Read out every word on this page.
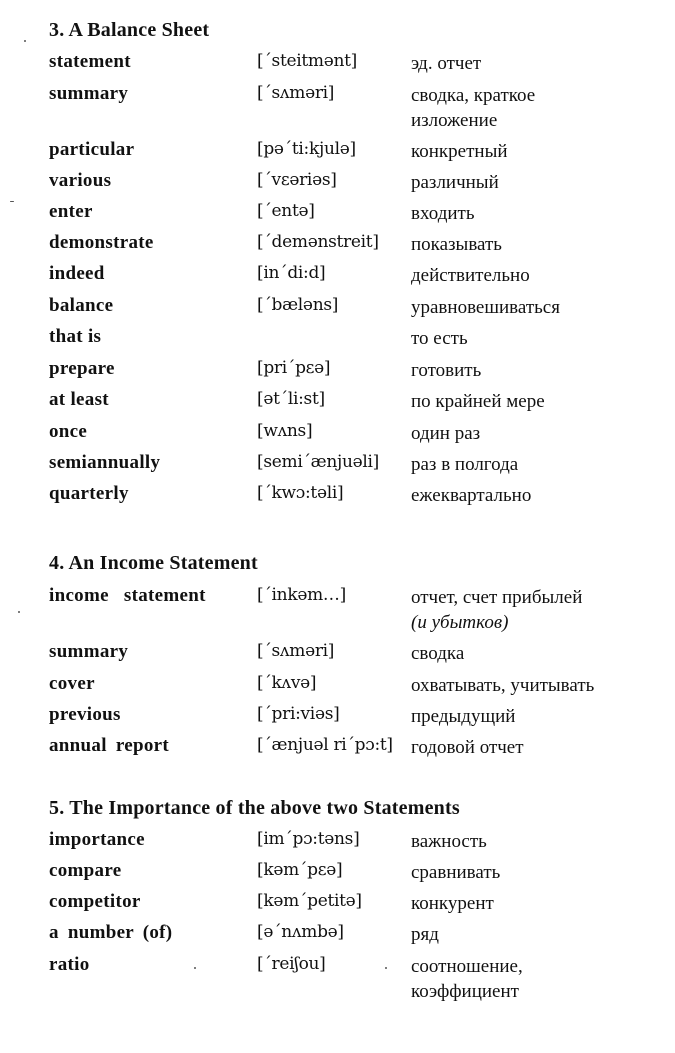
3. A Balance Sheet
statement	[´steitmənt]	эд. отчет
summary	[´sʌməri]	сводка, краткое
изложение
particular	[pə´ti:kjulə]	конкретный
various	[´vεəriəs]	различный
enter	[´entə]	входить
demonstrate	[´demənstreit] показывать
indeed	[in´di:d]	действительно
balance	[´bæləns]	уравновешиваться
that is	то есть
prepare	[pri´pεə]	готовить
at least	[ət´li:st]	по крайней мере
once	[wʌns]	один раз
semiannually	[semi´ænjuəli] раз в полгода
quarterly	[´kwɔ:təli]	ежеквартально
4. An Income Statement
income statement	[´inkəm…]	отчет, счет прибылей
(и убытков)
summary	[´sʌməri]	сводка
cover	[´kʌvə]	охватывать, учитывать
previous	[´pri:viəs]	предыдущий
annual report	[´ænjuəl ri´pɔ:t] годовой отчет
5. The Importance of the above two Statements
importance	[im´pɔ:təns]	важность
compare	[kəm´pεə]	сравнивать
competitor	[kəm´petitə]	конкурент
a number (of)	[ə´nʌmbə]	ряд
ratio	[´reiʃou]	соотношение,
коэффициент
